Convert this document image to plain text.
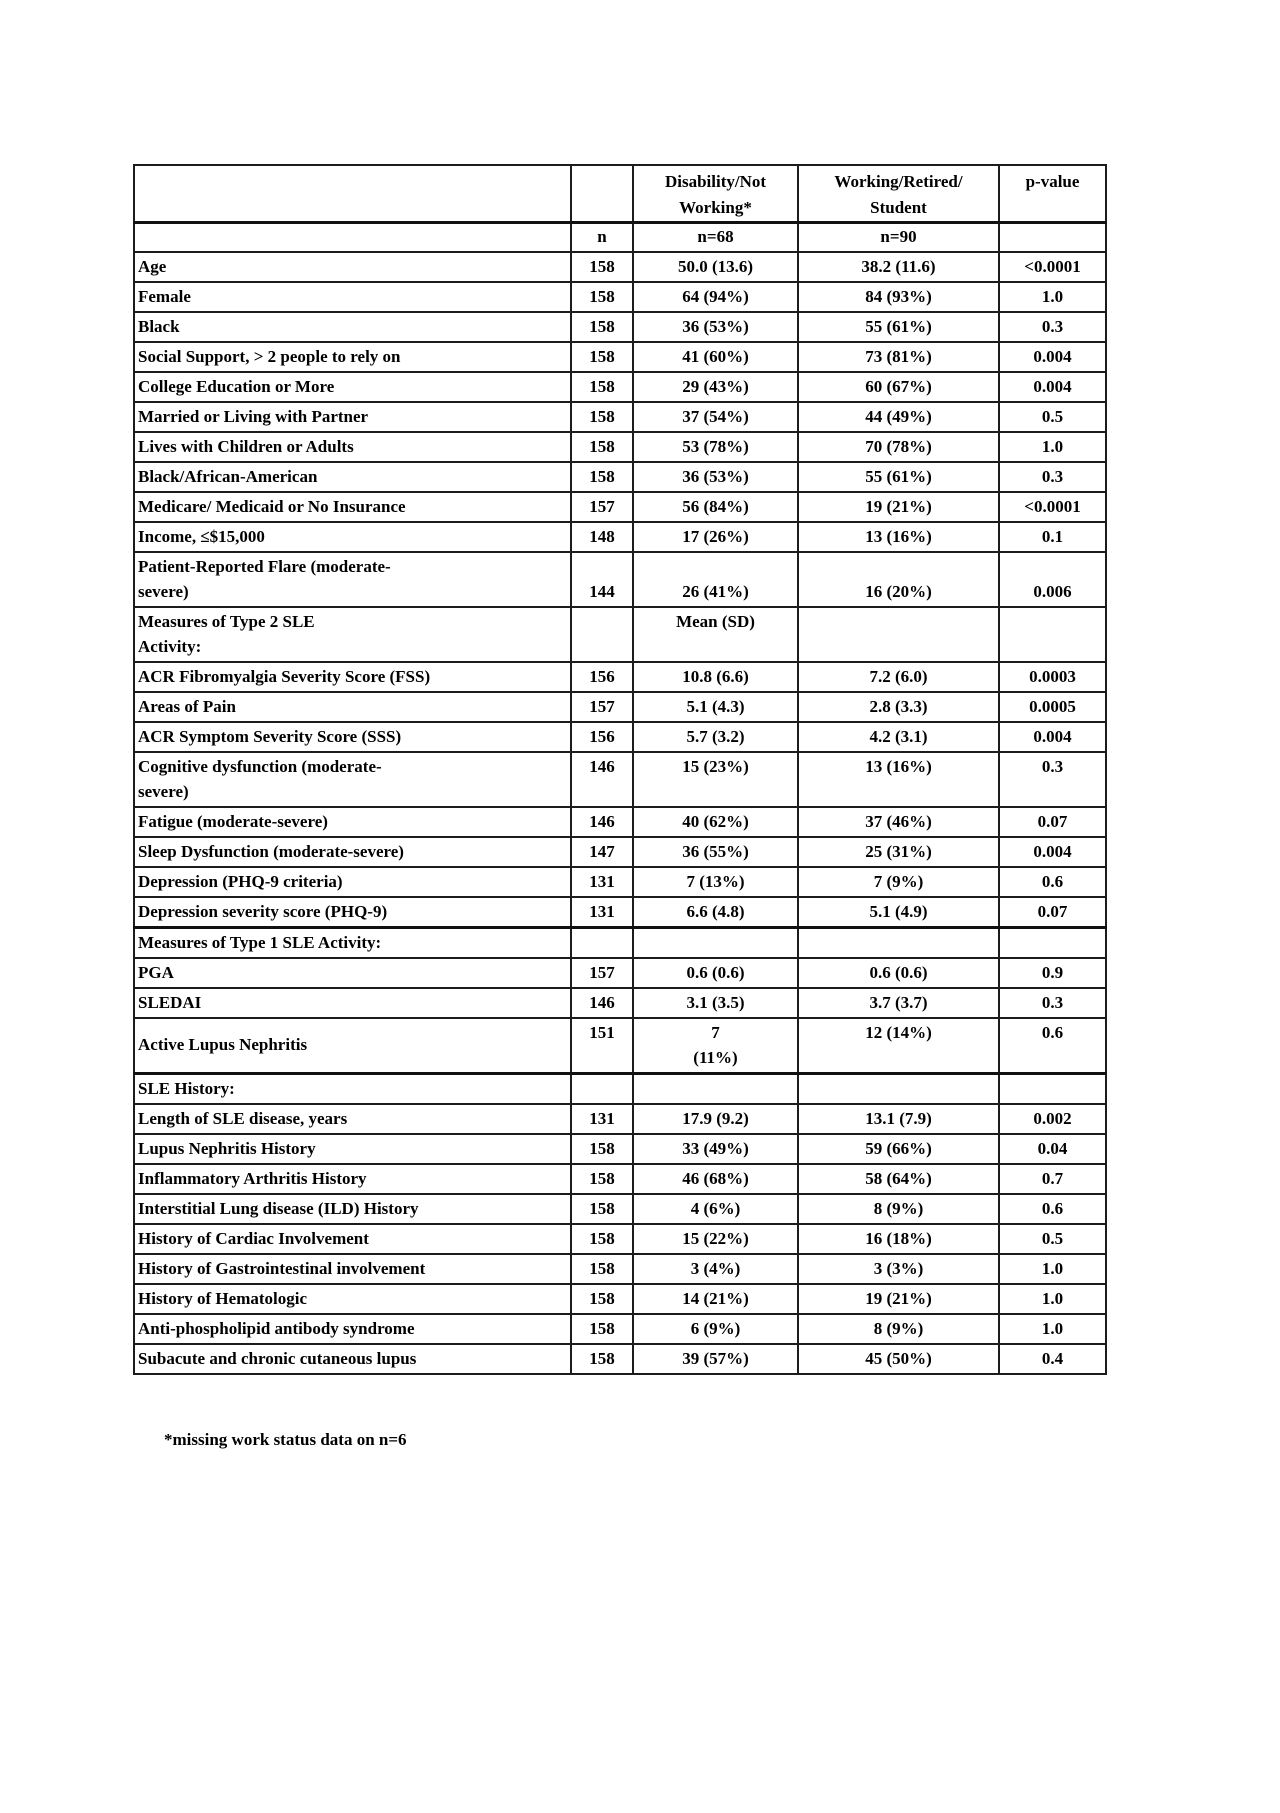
		Disability/Not
Working*	Working/Retired/
Student	p-value
	n	n=68	n=90	
Age	158	50.0 (13.6)	38.2 (11.6)	<0.0001
Female	158	64 (94%)	84 (93%)	1.0
Black	158	36 (53%)	55 (61%)	0.3
Social Support, > 2 people to rely on	158	41 (60%)	73 (81%)	0.004
College Education or More	158	29 (43%)	60 (67%)	0.004
Married or Living with Partner	158	37 (54%)	44 (49%)	0.5
Lives with Children or Adults	158	53 (78%)	70 (78%)	1.0
Black/African-American	158	36 (53%)	55 (61%)	0.3
Medicare/ Medicaid or No Insurance	157	56 (84%)	19 (21%)	<0.0001
Income, ≤$15,000	148	17 (26%)	13 (16%)	0.1
Patient-Reported Flare (moderate-
severe)	144	26 (41%)	16 (20%)	0.006
Measures of Type 2 SLE
Activity:		Mean (SD)		
ACR Fibromyalgia Severity Score (FSS)	156	10.8 (6.6)	7.2 (6.0)	0.0003
Areas of Pain	157	5.1 (4.3)	2.8 (3.3)	0.0005
ACR Symptom Severity Score (SSS)	156	5.7 (3.2)	4.2 (3.1)	0.004
Cognitive dysfunction (moderate-
severe)	146	15 (23%)	13 (16%)	0.3
Fatigue (moderate-severe)	146	40 (62%)	37 (46%)	0.07
Sleep Dysfunction (moderate-severe)	147	36 (55%)	25 (31%)	0.004
Depression (PHQ-9 criteria)	131	7 (13%)	7 (9%)	0.6
Depression severity score (PHQ-9)	131	6.6 (4.8)	5.1 (4.9)	0.07
Measures of Type 1 SLE Activity:				
PGA	157	0.6 (0.6)	0.6 (0.6)	0.9
SLEDAI	146	3.1 (3.5)	3.7 (3.7)	0.3
Active Lupus Nephritis	151	7
(11%)	12 (14%)	0.6
SLE History:				
Length of SLE disease, years	131	17.9 (9.2)	13.1 (7.9)	0.002
Lupus Nephritis History	158	33 (49%)	59 (66%)	0.04
Inflammatory Arthritis History	158	46 (68%)	58 (64%)	0.7
Interstitial Lung disease (ILD) History	158	4 (6%)	8 (9%)	0.6
History of Cardiac Involvement	158	15 (22%)	16 (18%)	0.5
History of Gastrointestinal involvement	158	3 (4%)	3 (3%)	1.0
History of Hematologic	158	14 (21%)	19 (21%)	1.0
Anti-phospholipid antibody syndrome	158	6 (9%)	8 (9%)	1.0
Subacute and chronic cutaneous lupus	158	39 (57%)	45 (50%)	0.4
*missing work status data on n=6
